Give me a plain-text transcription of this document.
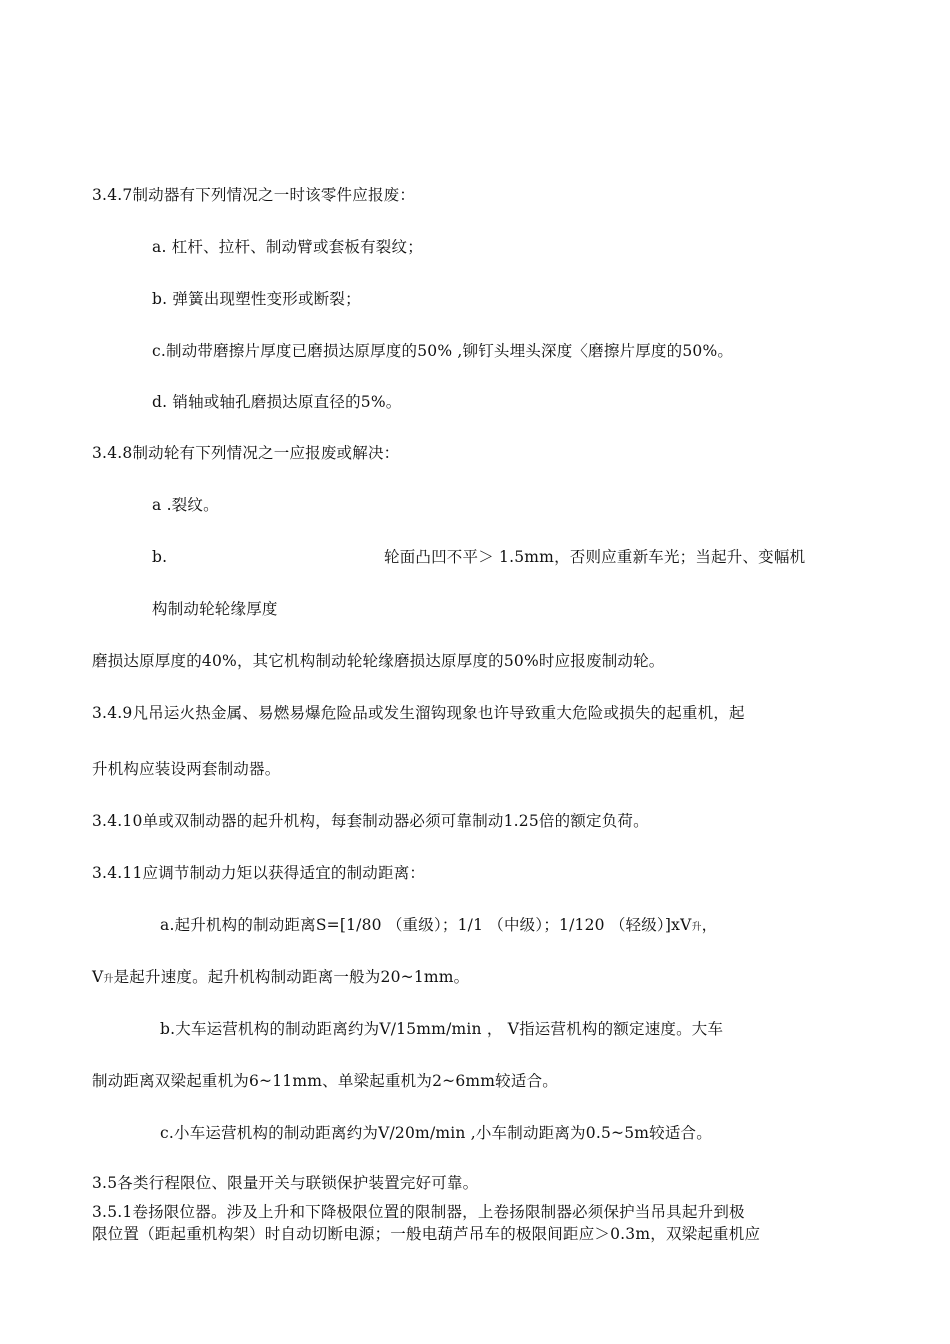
3.4.7制动器有下列情况之一时该零件应报废：
a. 杠杆、拉杆、制动臂或套板有裂纹；
b. 弹簧出现塑性变形或断裂；
c.制动带磨擦片厚度已磨损达原厚度的50% ,铆钉头埋头深度〈磨擦片厚度的50%。
d. 销轴或轴孔磨损达原直径的5%。
3.4.8制动轮有下列情况之一应报废或解决：
a .裂纹。
b.	轮面凸凹不平＞ 1.5mm，否则应重新车光；当起升、变幅机
构制动轮轮缘厚度
磨损达原厚度的40%，其它机构制动轮轮缘磨损达原厚度的50%时应报废制动轮。
3.4.9凡吊运火热金属、易燃易爆危险品或发生溜钩现象也许导致重大危险或损失的起重机，起
升机构应装设两套制动器。
3.4.10单或双制动器的起升机构，每套制动器必须可靠制动1.25倍的额定负荷。
3.4.11应调节制动力矩以获得适宜的制动距离：
a.起升机构的制动距离S=[1/80 （重级）；1/1 （中级）；1/120 （轻级）]xV升，
V升是起升速度。起升机构制动距离一般为20~1mm。
b.大车运营机构的制动距离约为V/15mm/min ， V指运营机构的额定速度。大车
制动距离双梁起重机为6~11mm、单梁起重机为2~6mm较适合。
c.小车运营机构的制动距离约为V/20m/min ,小车制动距离为0.5~5m较适合。
3.5各类行程限位、限量开关与联锁保护装置完好可靠。
3.5.1卷扬限位器。涉及上升和下降极限位置的限制器，上卷扬限制器必须保护当吊具起升到极
限位置（距起重机构架）时自动切断电源；一般电葫芦吊车的极限间距应＞0.3m，双梁起重机应
